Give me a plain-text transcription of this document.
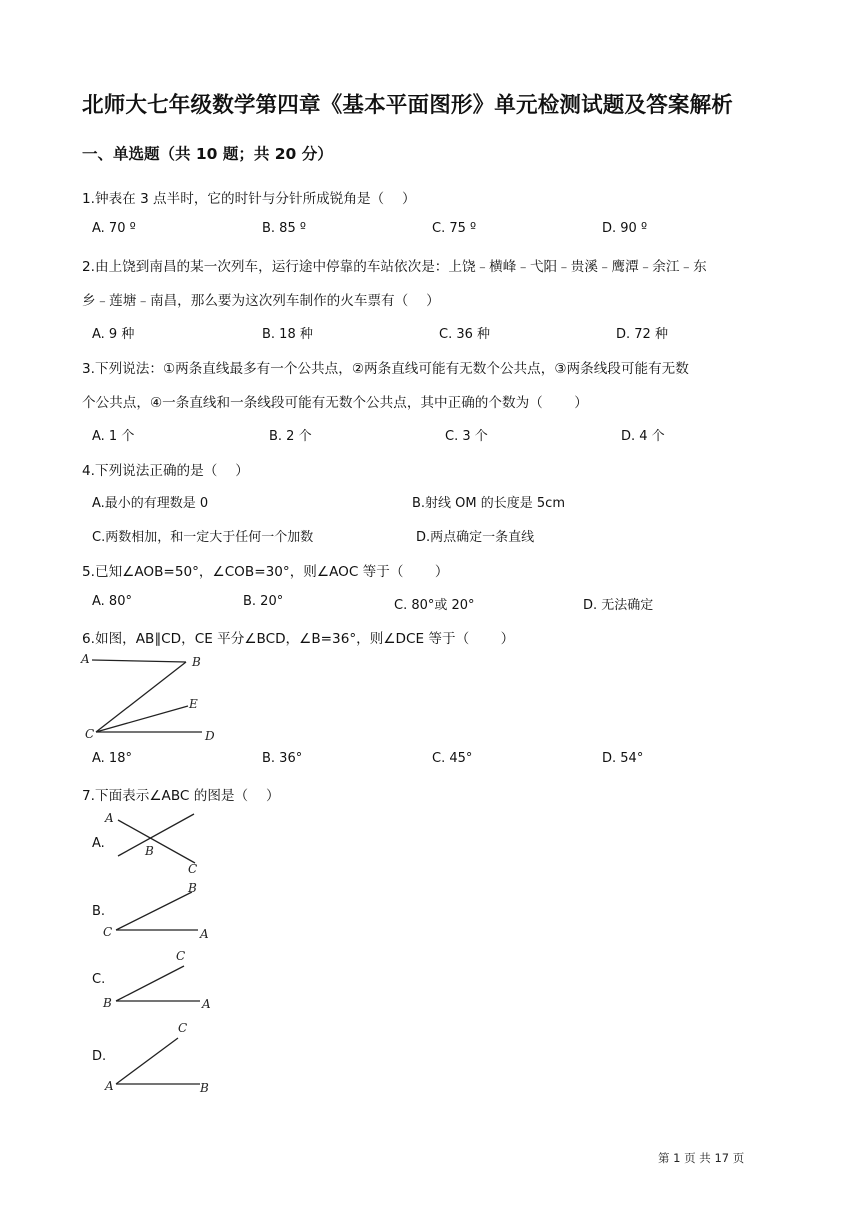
北师大七年级数学第四章《基本平面图形》单元检测试题及答案解析
一、单选题（共 10 题；共 20 分）
1.钟表在 3 点半时，它的时针与分针所成锐角是（　 ）
A. 70 º	B. 85 º	C. 75 º	D. 90 º
2.由上饶到南昌的某一次列车，运行途中停靠的车站依次是：上饶﹣横峰﹣弋阳﹣贵溪﹣鹰潭﹣余江﹣东
乡﹣莲塘﹣南昌，那么要为这次列车制作的火车票有（　 ）
A. 9 种	B. 18 种	C. 36 种	D. 72 种
3.下列说法：①两条直线最多有一个公共点，②两条直线可能有无数个公共点，③两条线段可能有无数
个公共点，④一条直线和一条线段可能有无数个公共点，其中正确的个数为（　　 ）
A. 1 个	B. 2 个	C. 3 个	D. 4 个
4.下列说法正确的是（　 ）
A.最小的有理数是 0	B.射线 OM 的长度是 5cm
C.两数相加，和一定大于任何一个加数	D.两点确定一条直线
5.已知∠AOB=50°，∠COB=30°，则∠AOC 等于（　　 ）
A. 80°	B. 20°	C. 80°或 20°	D. 无法确定
6.如图，AB∥CD，CE 平分∠BCD，∠B=36°，则∠DCE 等于（　　 ）
A	B
E
C	D
A. 18°	B. 36°	C. 45°	D. 54°
7.下面表示∠ABC 的图是（　 ）
A.
A
B
C
B.
B
C	A
C.
C
B	A
D.
C
A	B
第 1 页 共 17 页
